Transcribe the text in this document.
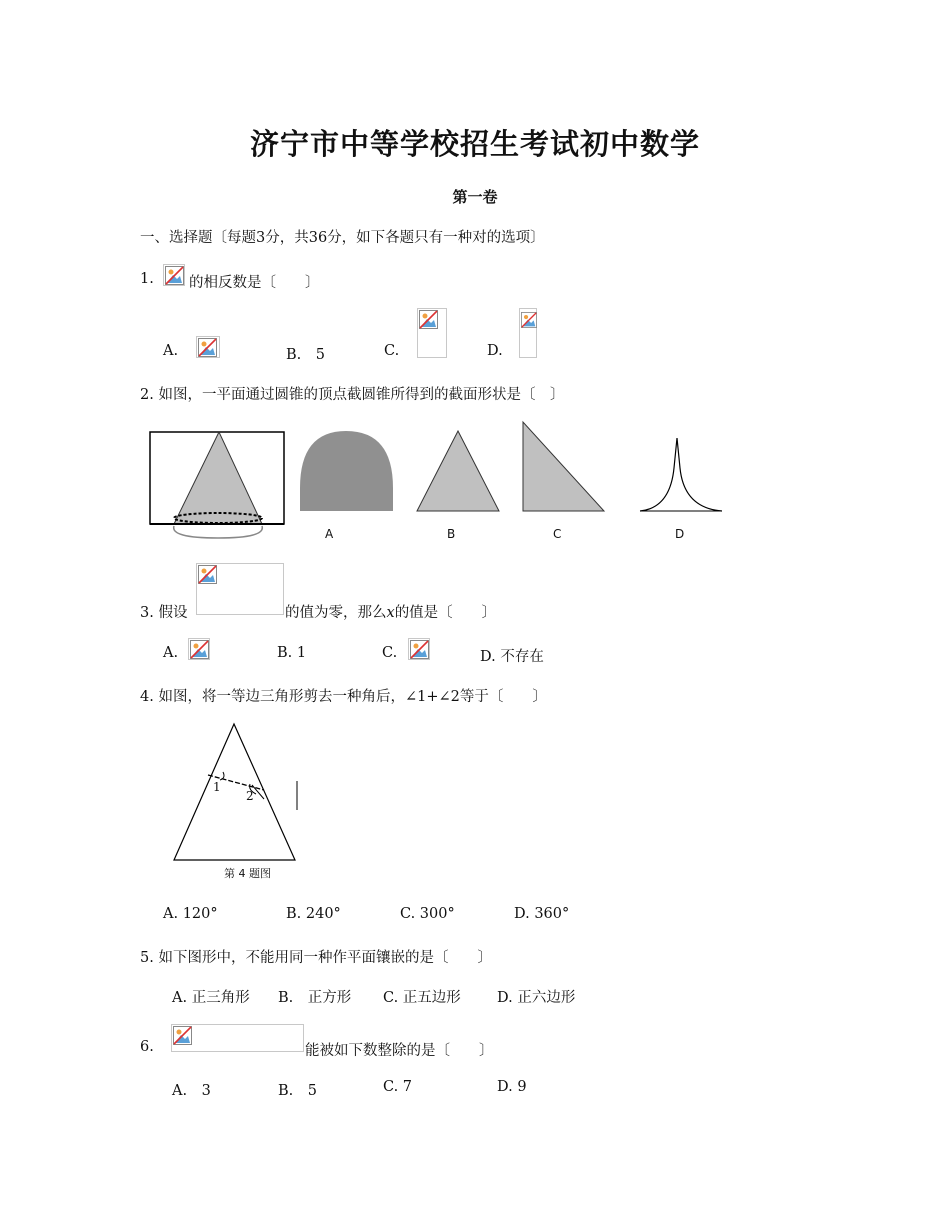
济宁市中等学校招生考试初中数学
第一卷
一、选择题〔每题3分，共36分，如下各题只有一种对的选项〕
1. 的相反数是〔　　〕
A.	B.　5	C.	D.
2. 如图，一平面通过圆锥的顶点截圆锥所得到的截面形状是〔　〕
A	B	C	D
3. 假设	的值为零，那么x的值是〔　　〕
A.	B. 1	C.	D. 不存在
4. 如图，将一等边三角形剪去一种角后，∠1+∠2等于〔　　〕
1
2
第 4 题图
A. 120°	B. 240°	C. 300°	D. 360°
5. 如下图形中，不能用同一种作平面镶嵌的是〔　　〕
A. 正三角形 B.　正方形 C. 正五边形 D. 正六边形
6.	能被如下数整除的是〔　　〕
A.　3	B.　5	C. 7	D. 9
